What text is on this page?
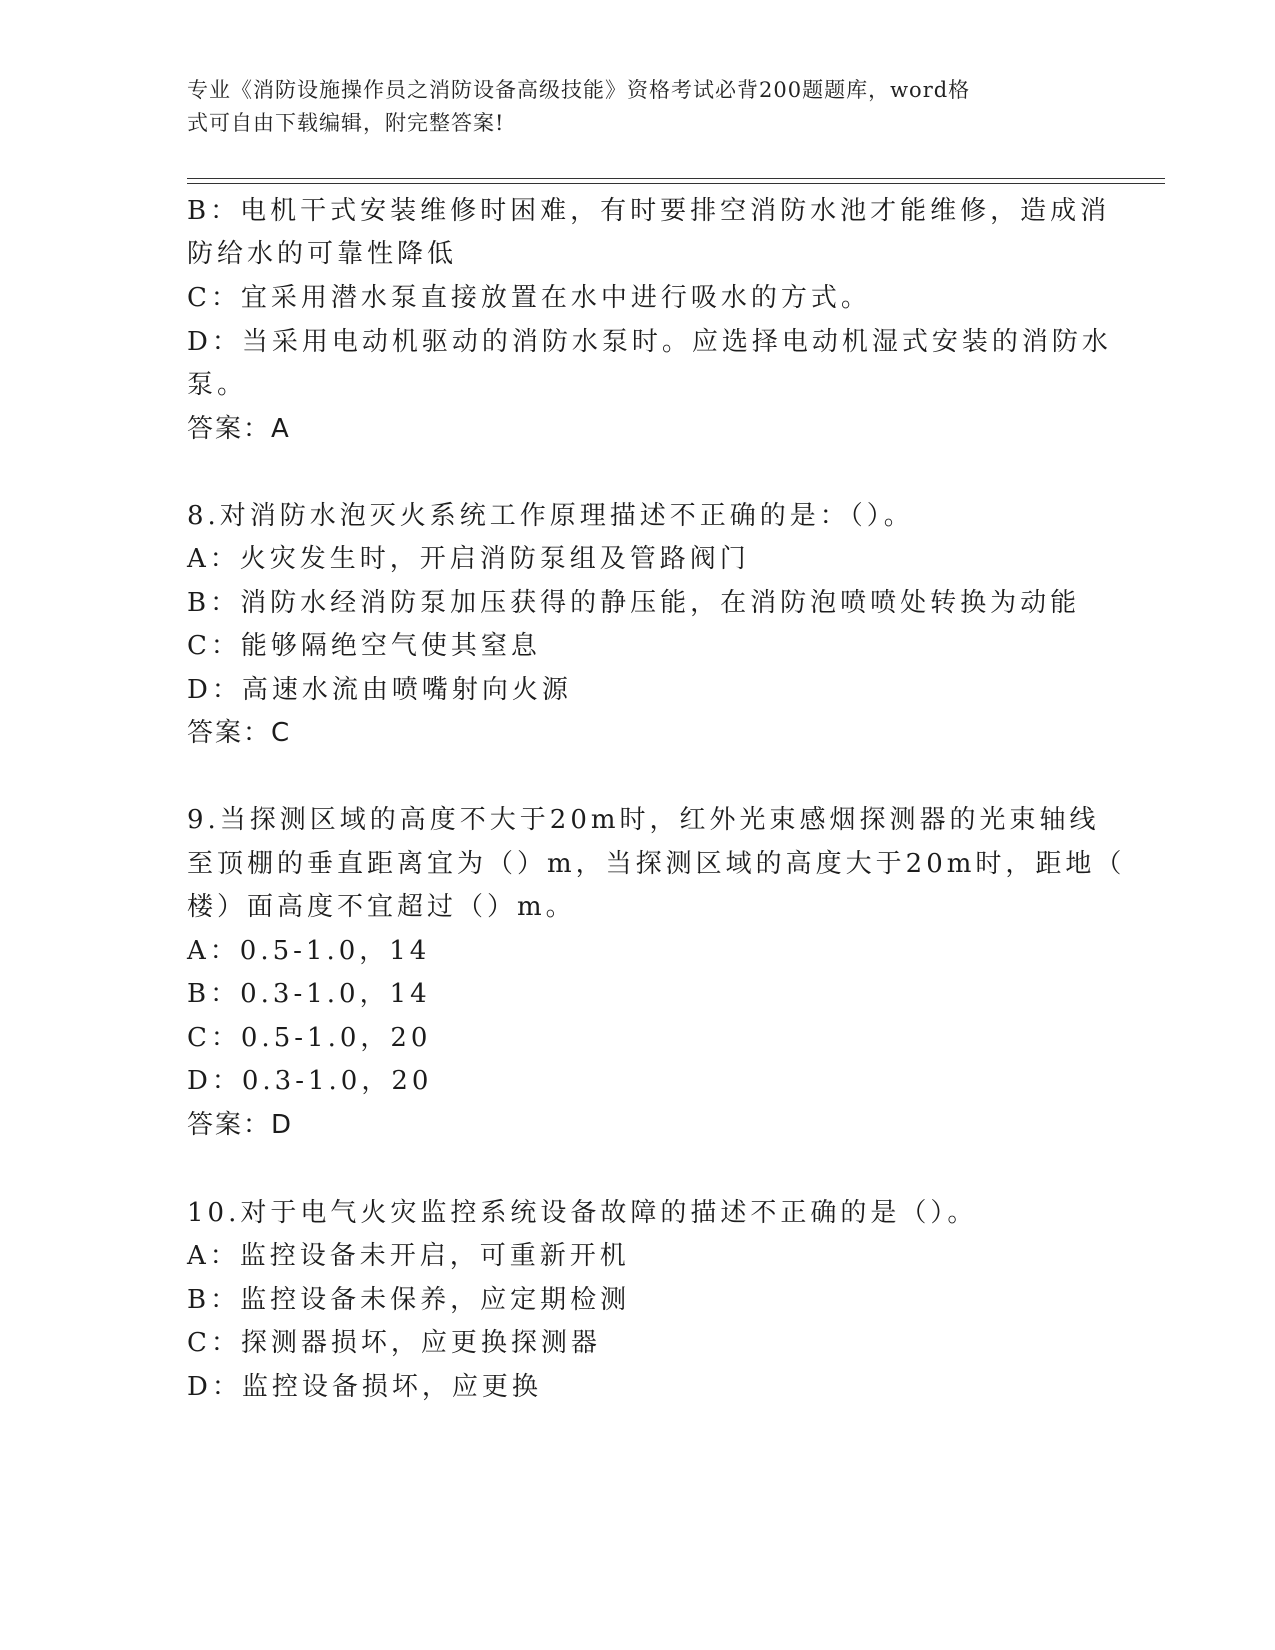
专业《消防设施操作员之消防设备高级技能》资格考试必背200题题库，word格
式可自由下载编辑，附完整答案!
B：电机干式安装维修时困难，有时要排空消防水池才能维修，造成消
防给水的可靠性降低
C：宜采用潜水泵直接放置在水中进行吸水的方式。
D：当采用电动机驱动的消防水泵时。应选择电动机湿式安装的消防水
泵。
答案：A
8.对消防水泡灭火系统工作原理描述不正确的是：（）。
A：火灾发生时，开启消防泵组及管路阀门
B：消防水经消防泵加压获得的静压能，在消防泡喷喷处转换为动能
C：能够隔绝空气使其窒息
D：高速水流由喷嘴射向火源
答案：C
9.当探测区域的高度不大于20m时，红外光束感烟探测器的光束轴线
至顶棚的垂直距离宜为（）m，当探测区域的高度大于20m时，距地（
楼）面高度不宜超过（）m。
A：0.5-1.0，14
B：0.3-1.0，14
C：0.5-1.0，20
D：0.3-1.0，20
答案：D
10.对于电气火灾监控系统设备故障的描述不正确的是（）。
A：监控设备未开启，可重新开机
B：监控设备未保养，应定期检测
C：探测器损坏，应更换探测器
D：监控设备损坏，应更换
